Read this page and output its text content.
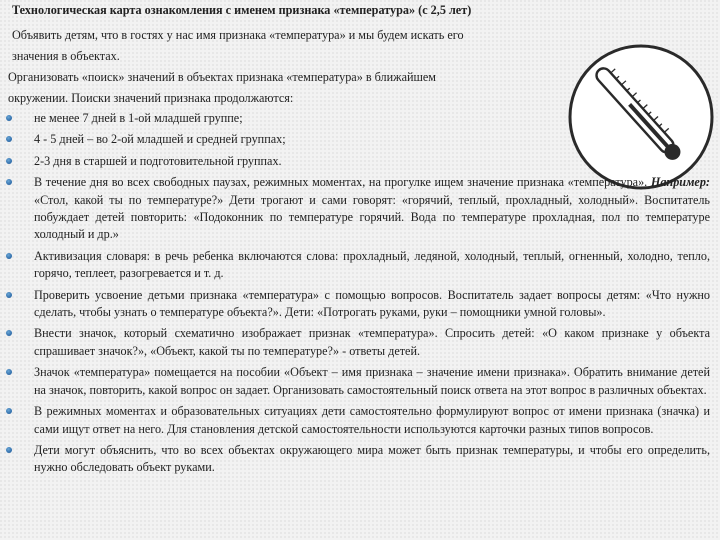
Технологическая карта ознакомления с именем признака «температура» (с 2,5 лет)
Объявить детям, что в гостях у нас имя признака «температура» и мы будем искать его
значения в объектах.
Организовать «поиск» значений в объектах признака «температура» в ближайшем
окружении. Поиски значений признака продолжаются:
не менее 7 дней в 1-ой младшей группе;
4 - 5 дней – во 2-ой младшей и средней группах;
2-3 дня в старшей и подготовительной группах.
В течение дня во всех свободных паузах, режимных моментах, на прогулке ищем значение признака «температура». Например: «Стол, какой ты по температуре?» Дети трогают и сами говорят: «горячий, теплый, прохладный, холодный». Воспитатель побуждает детей повторить: «Подоконник по температуре горячий. Вода по температуре прохладная, пол по температуре холодный и др.»
Активизация словаря: в речь ребенка включаются слова: прохладный, ледяной, холодный, теплый, огненный, холодно, тепло, горячо, теплеет, разогревается и т. д.
Проверить усвоение детьми признака «температура» с помощью вопросов. Воспитатель задает вопросы детям: «Что нужно сделать, чтобы узнать о температуре объекта?». Дети: «Потрогать руками, руки – помощники умной головы».
Внести значок, который схематично изображает признак «температура». Спросить детей: «О каком признаке у объекта спрашивает значок?», «Объект, какой ты по температуре?» - ответы детей.
Значок «температура» помещается на пособии «Объект – имя признака – значение имени признака». Обратить внимание детей на значок, повторить, какой вопрос он задает. Организовать самостоятельный поиск ответа на этот вопрос в различных объектах.
В режимных моментах и образовательных ситуациях дети самостоятельно формулируют вопрос от имени признака (значка) и сами ищут ответ на него. Для становления детской самостоятельности используются карточки разных типов вопросов.
Дети могут объяснить, что во всех объектах окружающего мира может быть признак температуры, и чтобы его определить, нужно обследовать объект руками.
